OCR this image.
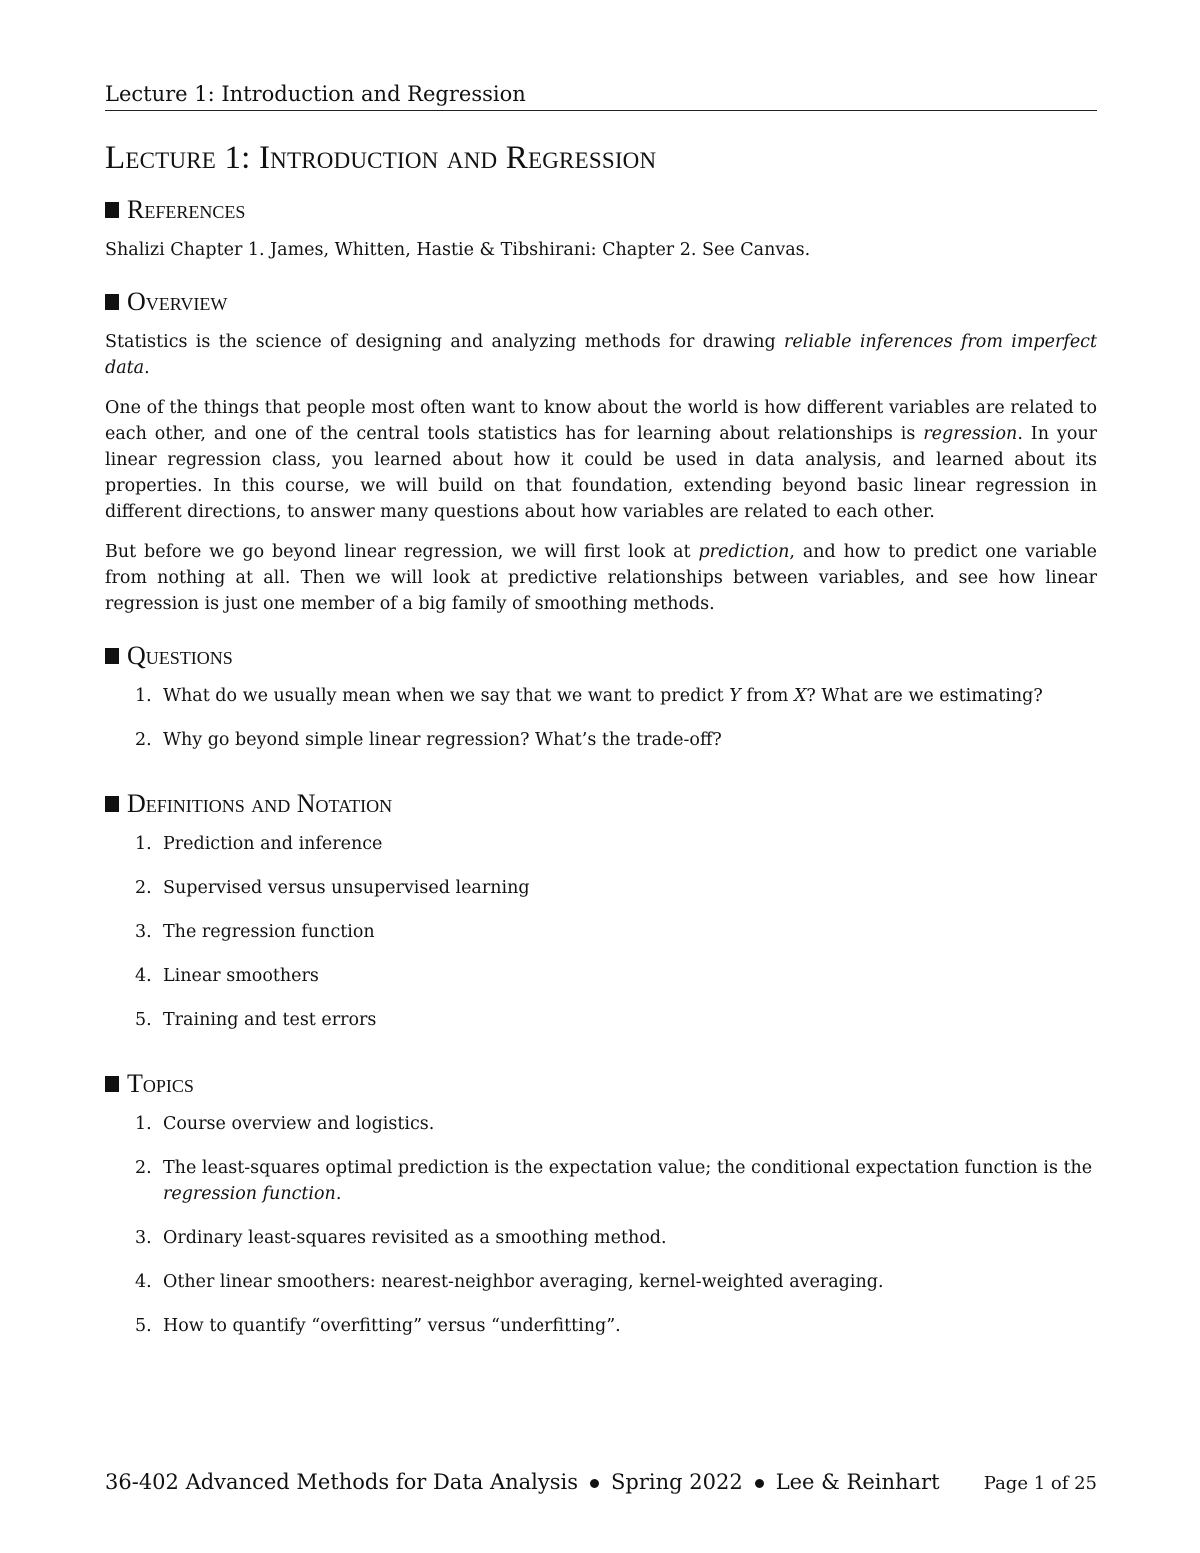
Lecture 1: Introduction and Regression
Lecture 1: Introduction and Regression
References

Shalizi Chapter 1. James, Whitten, Hastie & Tibshirani: Chapter 2. See Canvas.

Overview

Statistics is the science of designing and analyzing methods for drawing reliable inferences from imperfect data.

One of the things that people most often want to know about the world is how different variables are related to each other, and one of the central tools statistics has for learning about relationships is regression. In your linear regression class, you learned about how it could be used in data analysis, and learned about its properties. In this course, we will build on that foundation, extending beyond basic linear regression in different directions, to answer many questions about how variables are related to each other.

But before we go beyond linear regression, we will first look at prediction, and how to predict one variable from nothing at all. Then we will look at predictive relationships between variables, and see how linear regression is just one member of a big family of smoothing methods.

Questions
1. What do we usually mean when we say that we want to predict Y from X? What are we estimating?
2. Why go beyond simple linear regression? What’s the trade-off?
Definitions and Notation
1. Prediction and inference
2. Supervised versus unsupervised learning
3. The regression function
4. Linear smoothers
5. Training and test errors
Topics
1. Course overview and logistics.
2. The least-squares optimal prediction is the expectation value; the conditional expectation function is the regression function.
3. Ordinary least-squares revisited as a smoothing method.
4. Other linear smoothers: nearest-neighbor averaging, kernel-weighted averaging.
5. How to quantify “overfitting” versus “underfitting”.
36-402 Advanced Methods for Data Analysis Spring 2022 Lee & Reinhart Page 1 of 25
